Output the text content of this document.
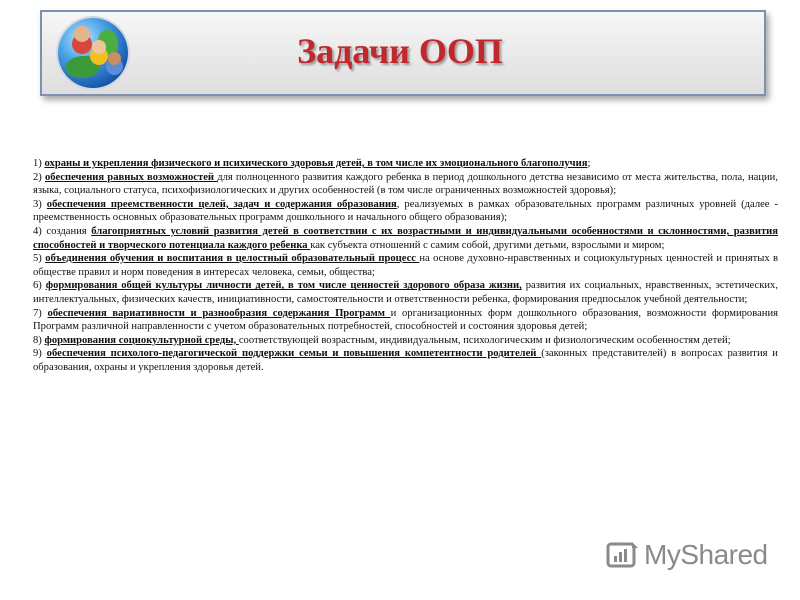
Задачи ООП

1) охраны и укрепления физического и психического здоровья детей, в том числе их эмоционального благополучия;

2) обеспечения равных возможностей для полноценного развития каждого ребенка в период дошкольного детства независимо от места жительства, пола, нации, языка, социального статуса, психофизиологических и других особенностей (в том числе ограниченных возможностей здоровья);

3) обеспечения преемственности целей, задач и содержания образования, реализуемых в рамках образовательных программ различных уровней (далее - преемственность основных образовательных программ дошкольного и начального общего образования);

4) создания благоприятных условий развития детей в соответствии с их возрастными и индивидуальными особенностями и склонностями, развития способностей и творческого потенциала каждого ребенка как субъекта отношений с самим собой, другими детьми, взрослыми и миром;

5) объединения обучения и воспитания в целостный образовательный процесс на основе духовно-нравственных и социокультурных ценностей и принятых в обществе правил и норм поведения в интересах человека, семьи, общества;

6) формирования общей культуры личности детей, в том числе ценностей здорового образа жизни, развития их социальных, нравственных, эстетических, интеллектуальных, физических качеств, инициативности, самостоятельности и ответственности ребенка, формирования предпосылок учебной деятельности;

7) обеспечения вариативности и разнообразия содержания Программ и организационных форм дошкольного образования, возможности формирования Программ различной направленности с учетом образовательных потребностей, способностей и состояния здоровья детей;

8) формирования социокультурной среды, соответствующей возрастным, индивидуальным, психологическим и физиологическим особенностям детей;

9) обеспечения психолого-педагогической поддержки семьи и повышения компетентности родителей (законных представителей) в вопросах развития и образования, охраны и укрепления здоровья детей.

MyShared
